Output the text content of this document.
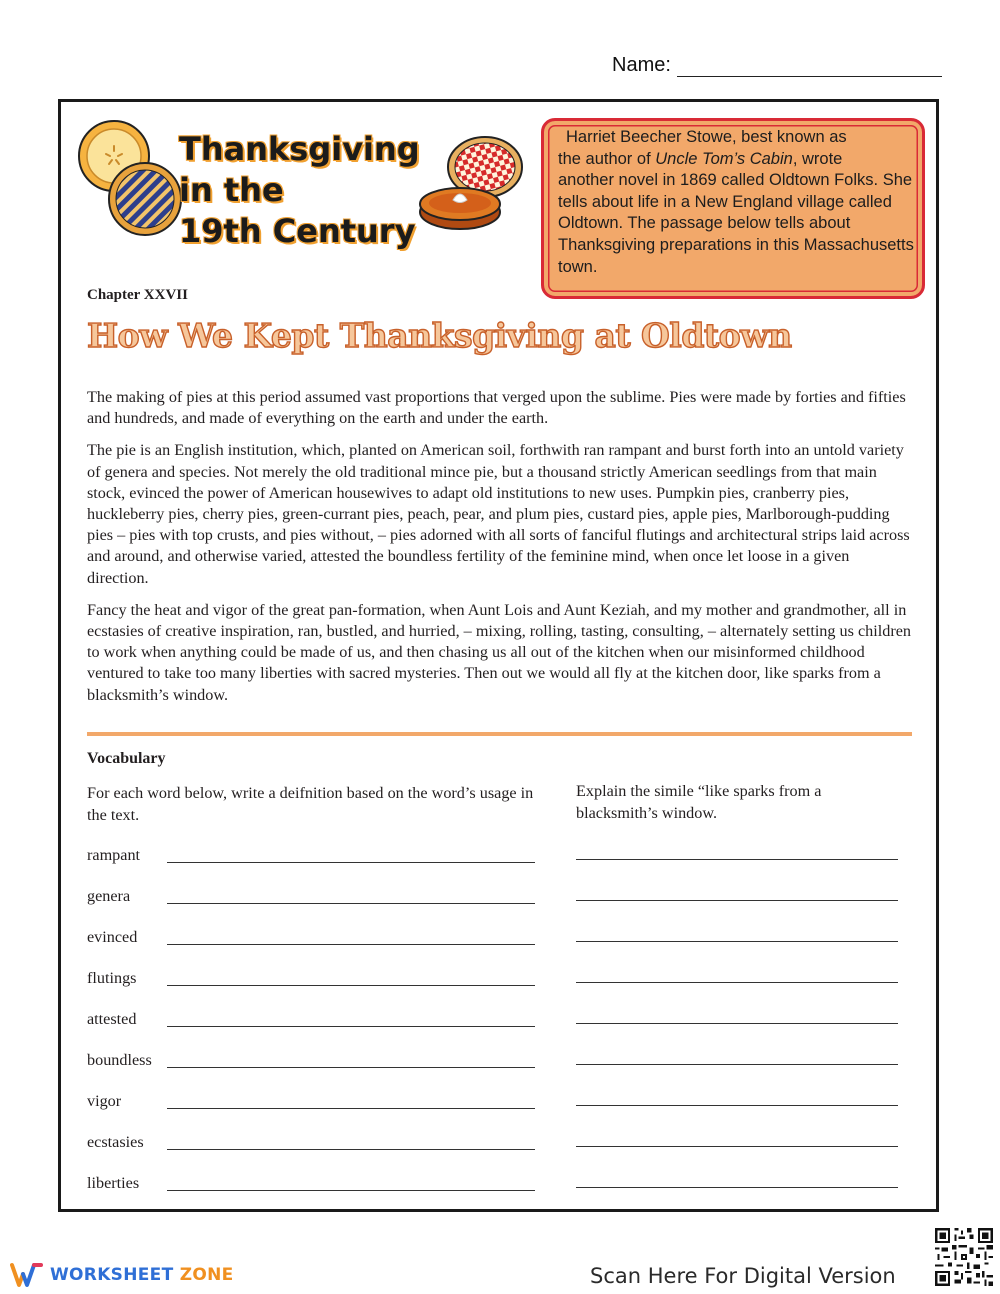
Name:
Thanksgiving
in the
19th Century
Harriet Beecher Stowe, best known as
the author of Uncle Tom’s Cabin, wrote
another novel in 1869 called Oldtown Folks. She tells about life in a New England village called Oldtown. The passage below tells about Thanksgiving preparations in this Massachusetts town.
Chapter XXVII
How We Kept Thanksgiving at Oldtown

The making of pies at this period assumed vast proportions that verged upon the sublime. Pies were made by forties and fifties and hundreds, and made of everything on the earth and under the earth.

The pie is an English institution, which, planted on American soil, forthwith ran rampant and burst forth into an untold variety of genera and species. Not merely the old traditional mince pie, but a thousand strictly American seedlings from that main stock, evinced the power of American housewives to adapt old institutions to new uses. Pumpkin pies, cranberry pies, huckleberry pies, cherry pies, green-currant pies, peach, pear, and plum pies, custard pies, apple pies, Marlborough-pudding pies – pies with top crusts, and pies without, – pies adorned with all sorts of fanciful flutings and architectural strips laid across and around, and otherwise varied, attested the boundless fertility of the feminine mind, when once let loose in a given direction.

Fancy the heat and vigor of the great pan-formation, when Aunt Lois and Aunt Keziah, and my mother and grandmother, all in ecstasies of creative inspiration, ran, bustled, and hurried, – mixing, rolling, tasting, consulting, – alternately setting us children to work when anything could be made of us, and then chasing us all out of the kitchen when our misinformed childhood ventured to take too many liberties with sacred mysteries. Then out we would all fly at the kitchen door, like sparks from a blacksmith’s window.

Vocabulary
For each word below, write a deifnition based on the word’s usage in the text.
Explain the simile “like sparks from a blacksmith’s window.
rampant
genera
evinced
flutings
attested
boundless
vigor
ecstasies
liberties
WORKSHEET ZONE	Scan Here For Digital Version
